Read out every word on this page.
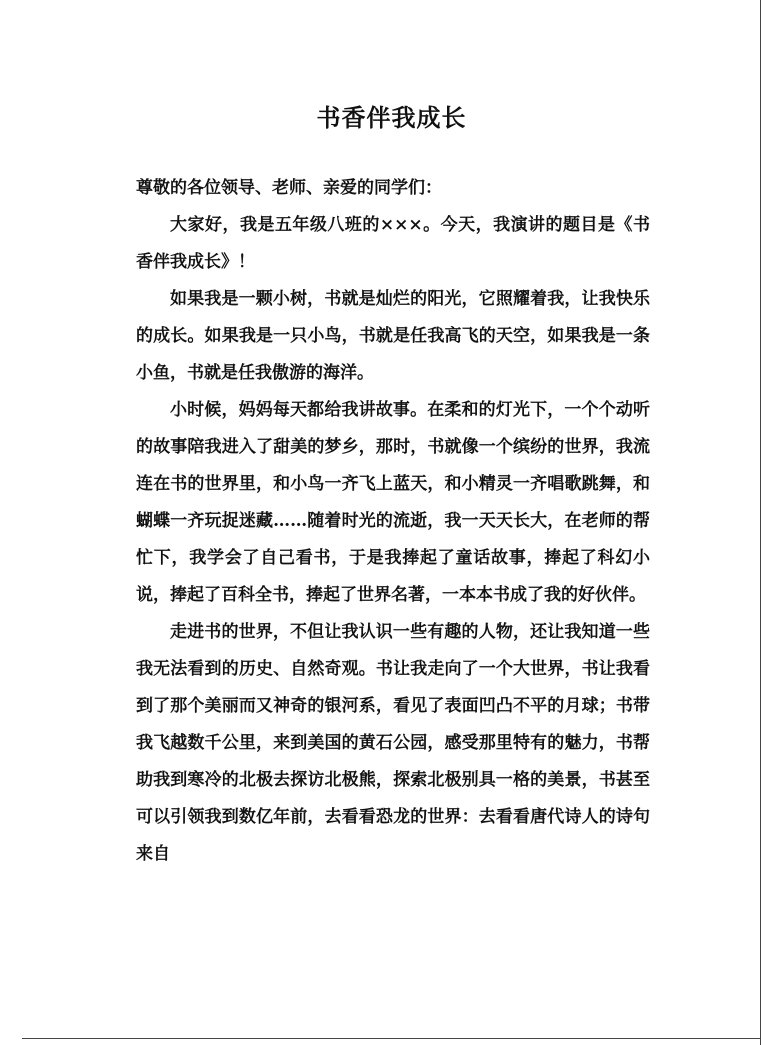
书香伴我成长

尊敬的各位领导、老师、亲爱的同学们：

大家好，我是五年级八班的×××。今天，我演讲的题目是《书香伴我成长》！

如果我是一颗小树，书就是灿烂的阳光，它照耀着我，让我快乐的成长。如果我是一只小鸟，书就是任我高飞的天空，如果我是一条小鱼，书就是任我傲游的海洋。

小时候，妈妈每天都给我讲故事。在柔和的灯光下，一个个动听的故事陪我进入了甜美的梦乡，那时，书就像一个缤纷的世界，我流连在书的世界里，和小鸟一齐飞上蓝天，和小精灵一齐唱歌跳舞，和蝴蝶一齐玩捉迷藏……随着时光的流逝，我一天天长大，在老师的帮忙下，我学会了自己看书，于是我捧起了童话故事，捧起了科幻小说，捧起了百科全书，捧起了世界名著，一本本书成了我的好伙伴。

走进书的世界，不但让我认识一些有趣的人物，还让我知道一些我无法看到的历史、自然奇观。书让我走向了一个大世界，书让我看到了那个美丽而又神奇的银河系，看见了表面凹凸不平的月球；书带我飞越数千公里，来到美国的黄石公园，感受那里特有的魅力，书帮助我到寒冷的北极去探访北极熊，探索北极别具一格的美景，书甚至可以引领我到数亿年前，去看看恐龙的世界：去看看唐代诗人的诗句来自
